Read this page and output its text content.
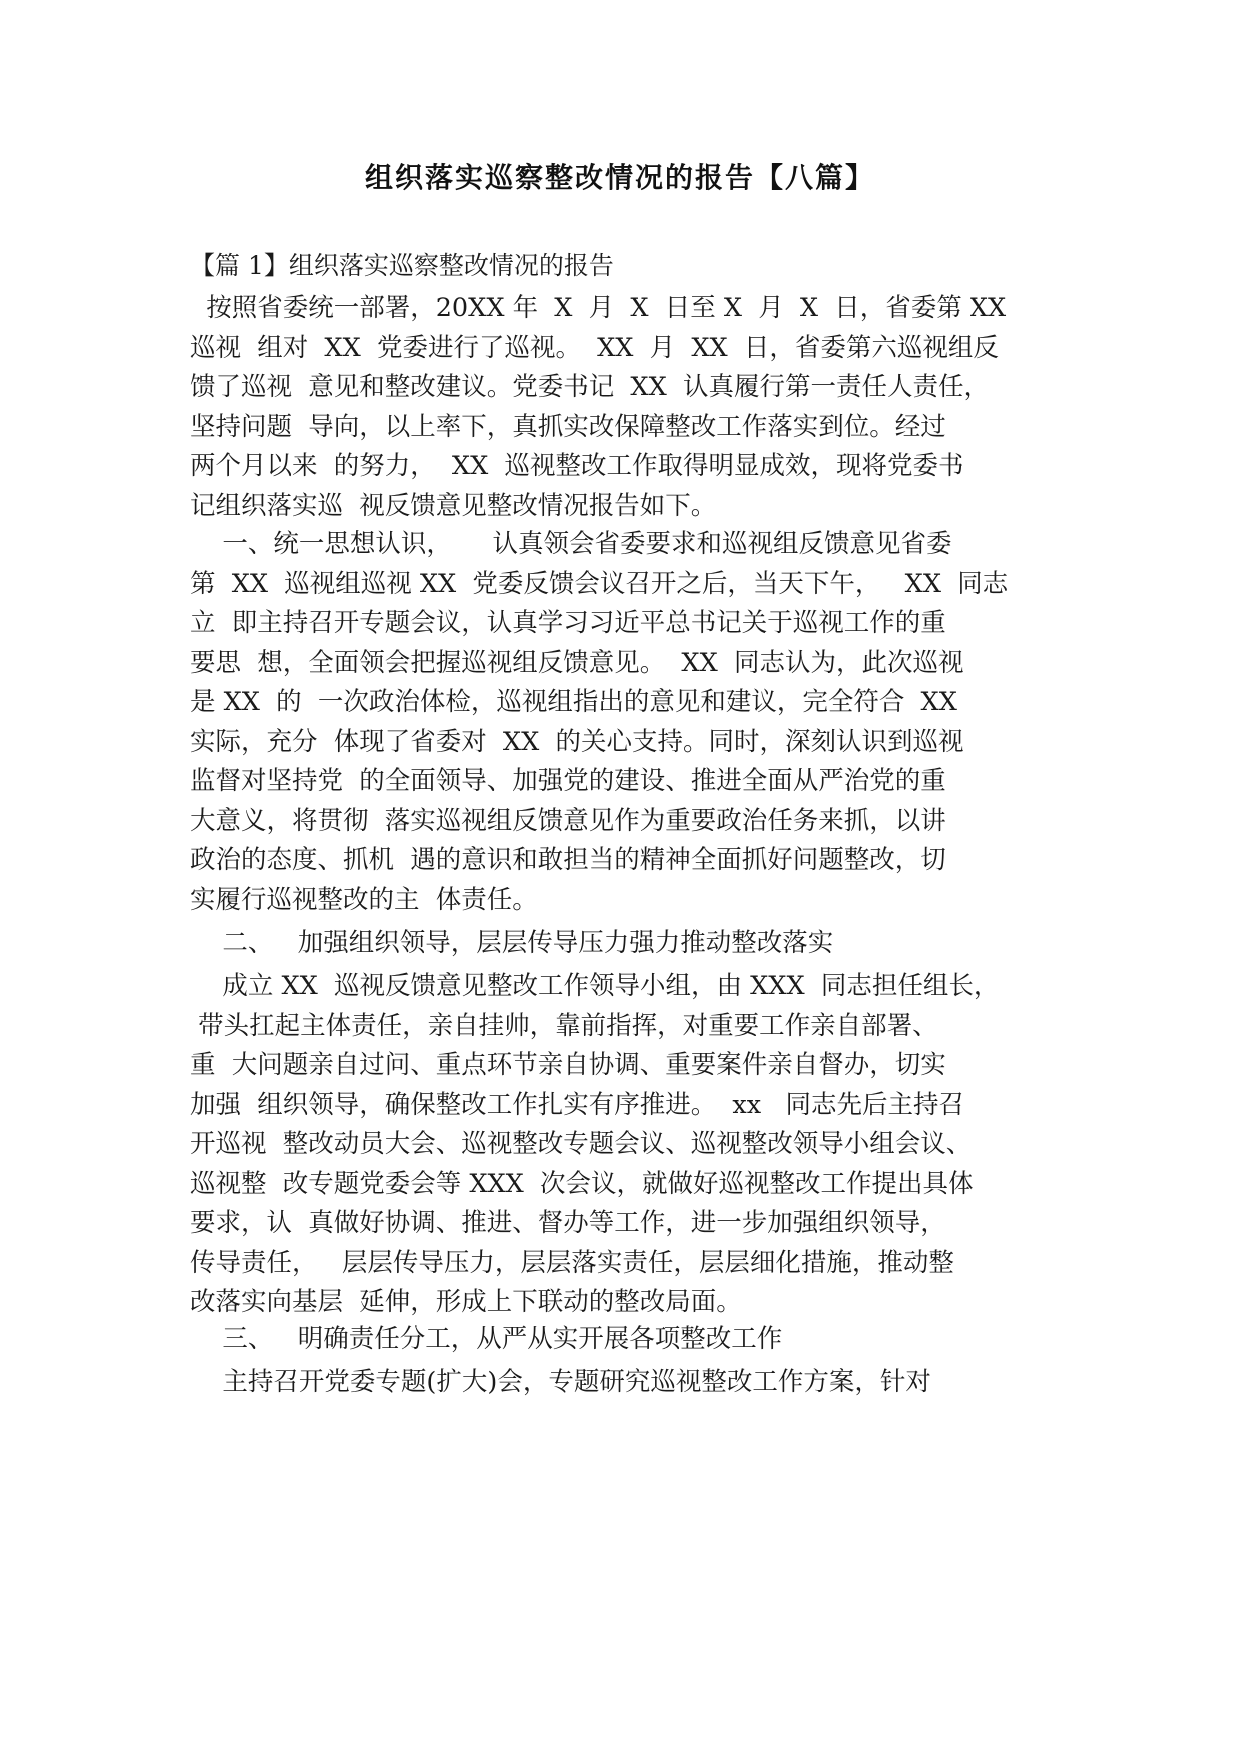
组织落实巡察整改情况的报告【八篇】

【篇 1】组织落实巡察整改情况的报告

按照省委统一部署，20XX 年  X  月  X  日至 X  月  X  日，省委第 XX
巡视  组对  XX  党委进行了巡视。  XX  月  XX  日，省委第六巡视组反
馈了巡视  意见和整改建议。党委书记  XX  认真履行第一责任人责任，
坚持问题  导向，以上率下，真抓实改保障整改工作落实到位。经过
两个月以来  的努力，  XX  巡视整改工作取得明显成效，现将党委书
记组织落实巡  视反馈意见整改情况报告如下。
一、统一思想认识，     认真领会省委要求和巡视组反馈意见省委
第  XX  巡视组巡视 XX  党委反馈会议召开之后，当天下午，   XX  同志
立  即主持召开专题会议，认真学习习近平总书记关于巡视工作的重
要思  想，全面领会把握巡视组反馈意见。  XX  同志认为，此次巡视
是 XX  的  一次政治体检，巡视组指出的意见和建议，完全符合  XX
实际，充分  体现了省委对  XX  的关心支持。同时，深刻认识到巡视
监督对坚持党  的全面领导、加强党的建设、推进全面从严治党的重
大意义，将贯彻  落实巡视组反馈意见作为重要政治任务来抓，以讲
政治的态度、抓机  遇的意识和敢担当的精神全面抓好问题整改，切
实履行巡视整改的主  体责任。
二、   加强组织领导，层层传导压力强力推动整改落实
成立 XX  巡视反馈意见整改工作领导小组，由 XXX  同志担任组长，
带头扛起主体责任，亲自挂帅，靠前指挥，对重要工作亲自部署、
重  大问题亲自过问、重点环节亲自协调、重要案件亲自督办，切实
加强  组织领导，确保整改工作扎实有序推进。  xx   同志先后主持召
开巡视  整改动员大会、巡视整改专题会议、巡视整改领导小组会议、
巡视整  改专题党委会等 XXX  次会议，就做好巡视整改工作提出具体
要求，认  真做好协调、推进、督办等工作，进一步加强组织领导，
传导责任，   层层传导压力，层层落实责任，层层细化措施，推动整
改落实向基层  延伸，形成上下联动的整改局面。
三、   明确责任分工，从严从实开展各项整改工作
主持召开党委专题(扩大)会，专题研究巡视整改工作方案，针对
